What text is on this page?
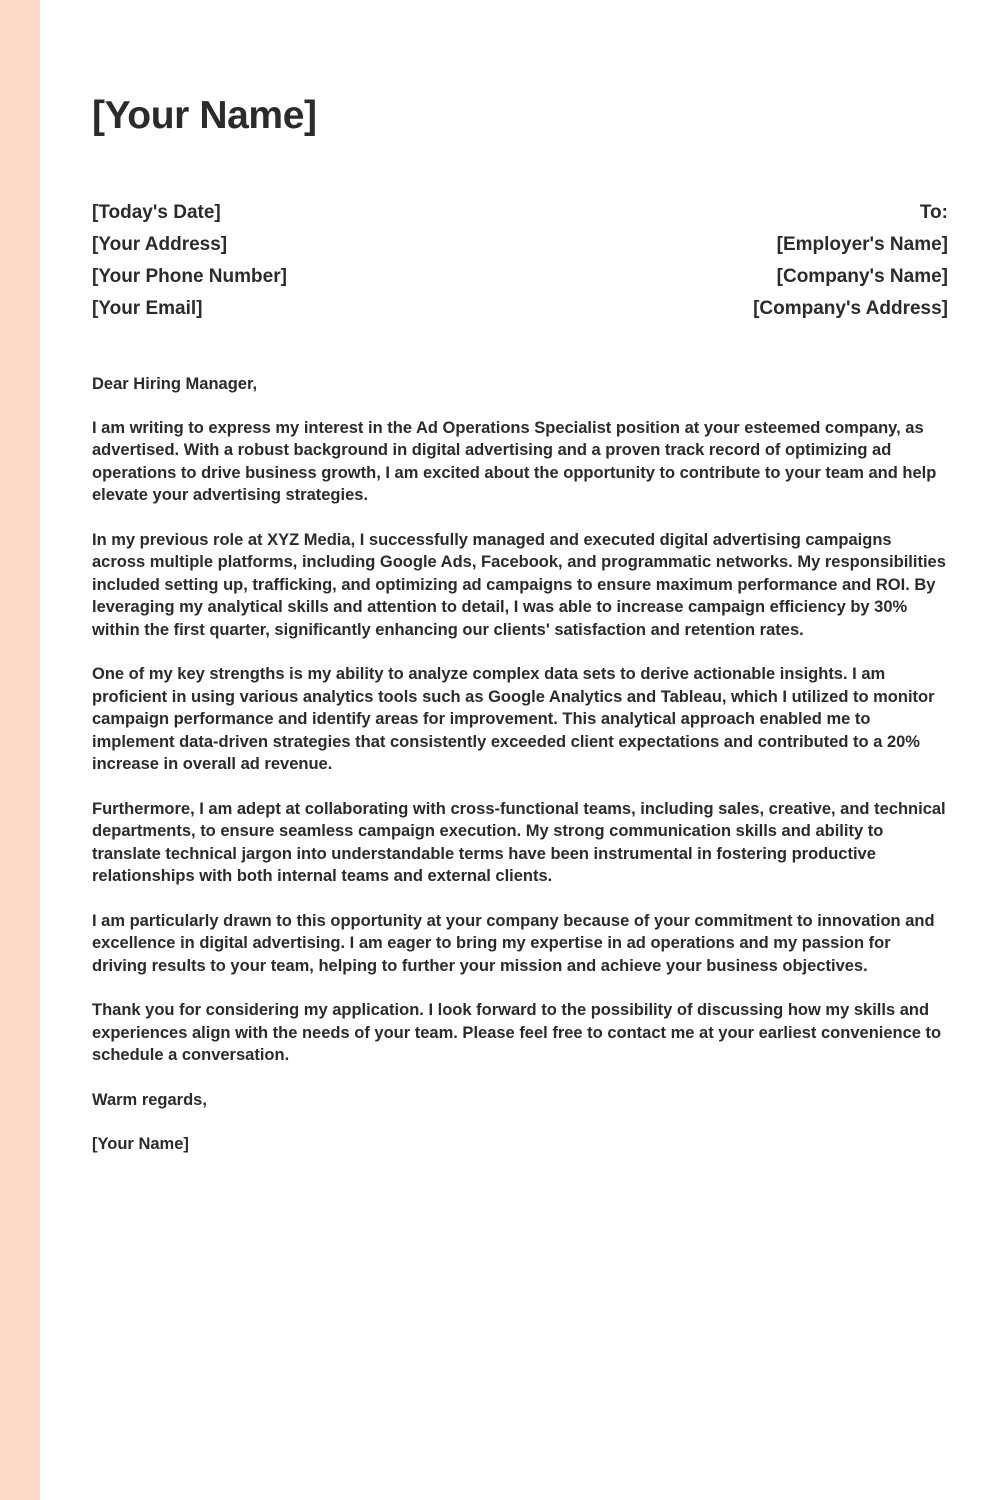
[Your Name]
[Today's Date]
[Your Address]
[Your Phone Number]
[Your Email]
To:
[Employer's Name]
[Company's Name]
[Company's Address]

Dear Hiring Manager,

I am writing to express my interest in the Ad Operations Specialist position at your esteemed company, as advertised. With a robust background in digital advertising and a proven track record of optimizing ad operations to drive business growth, I am excited about the opportunity to contribute to your team and help elevate your advertising strategies.

In my previous role at XYZ Media, I successfully managed and executed digital advertising campaigns across multiple platforms, including Google Ads, Facebook, and programmatic networks. My responsibilities included setting up, trafficking, and optimizing ad campaigns to ensure maximum performance and ROI. By leveraging my analytical skills and attention to detail, I was able to increase campaign efficiency by 30% within the first quarter, significantly enhancing our clients' satisfaction and retention rates.

One of my key strengths is my ability to analyze complex data sets to derive actionable insights. I am proficient in using various analytics tools such as Google Analytics and Tableau, which I utilized to monitor campaign performance and identify areas for improvement. This analytical approach enabled me to implement data-driven strategies that consistently exceeded client expectations and contributed to a 20% increase in overall ad revenue.

Furthermore, I am adept at collaborating with cross-functional teams, including sales, creative, and technical departments, to ensure seamless campaign execution. My strong communication skills and ability to translate technical jargon into understandable terms have been instrumental in fostering productive relationships with both internal teams and external clients.

I am particularly drawn to this opportunity at your company because of your commitment to innovation and excellence in digital advertising. I am eager to bring my expertise in ad operations and my passion for driving results to your team, helping to further your mission and achieve your business objectives.

Thank you for considering my application. I look forward to the possibility of discussing how my skills and experiences align with the needs of your team. Please feel free to contact me at your earliest convenience to schedule a conversation.

Warm regards,

[Your Name]
